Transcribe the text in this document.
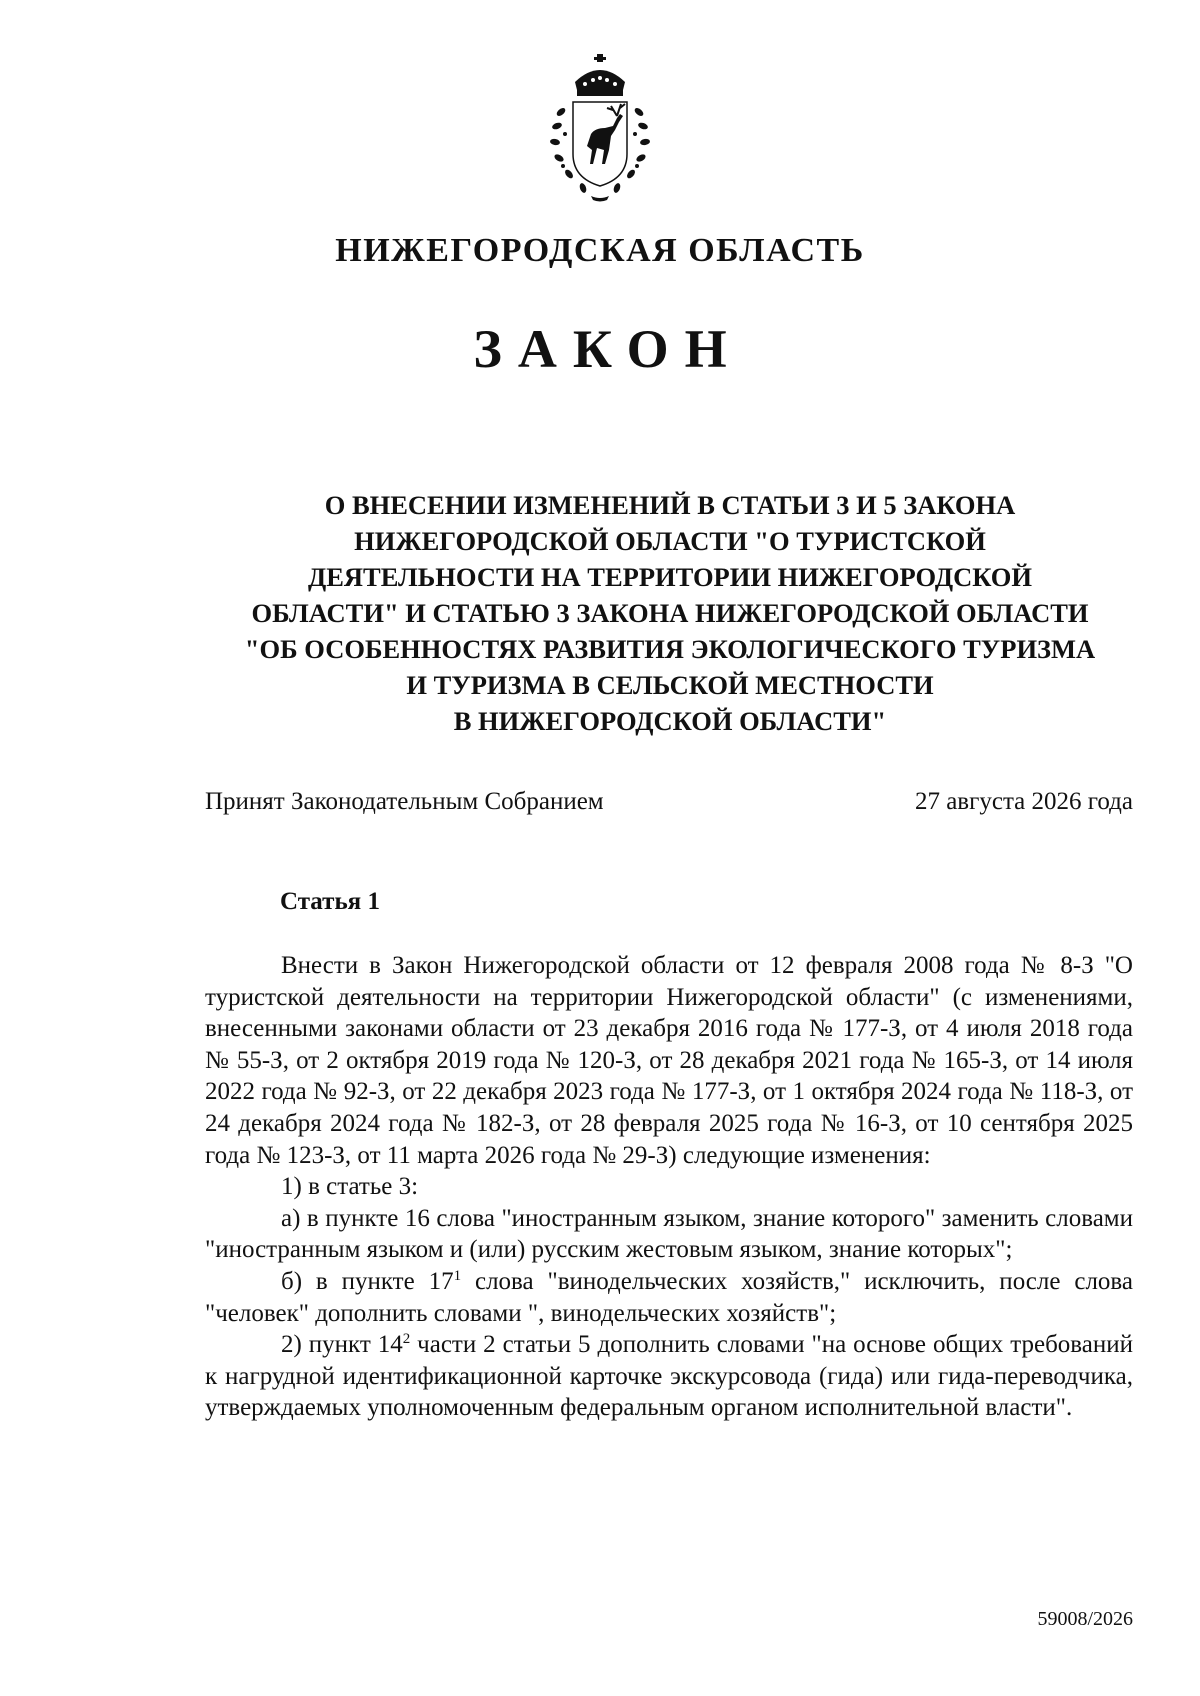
НИЖЕГОРОДСКАЯ ОБЛАСТЬ
ЗАКОН
О ВНЕСЕНИИ ИЗМЕНЕНИЙ В СТАТЬИ 3 И 5 ЗАКОНА
НИЖЕГОРОДСКОЙ ОБЛАСТИ "О ТУРИСТСКОЙ
ДЕЯТЕЛЬНОСТИ НА ТЕРРИТОРИИ НИЖЕГОРОДСКОЙ
ОБЛАСТИ" И СТАТЬЮ 3 ЗАКОНА НИЖЕГОРОДСКОЙ ОБЛАСТИ
"ОБ ОСОБЕННОСТЯХ РАЗВИТИЯ ЭКОЛОГИЧЕСКОГО ТУРИЗМА
И ТУРИЗМА В СЕЛЬСКОЙ МЕСТНОСТИ
В НИЖЕГОРОДСКОЙ ОБЛАСТИ"
Принят Законодательным Собранием	27 августа 2026 года
Статья 1

Внести в Закон Нижегородской области от 12 февраля 2008 года № 8-З "О туристской деятельности на территории Нижегородской области" (с изменениями, внесенными законами области от 23 декабря 2016 года № 177-З, от 4 июля 2018 года № 55-З, от 2 октября 2019 года № 120-З, от 28 декабря 2021 года № 165-З, от 14 июля 2022 года № 92-З, от 22 декабря 2023 года № 177-З, от 1 октября 2024 года № 118-З, от 24 декабря 2024 года № 182-З, от 28 февраля 2025 года № 16-З, от 10 сентября 2025 года № 123-З, от 11 марта 2026 года № 29-З) следующие изменения:

1) в статье 3:

а) в пункте 16 слова "иностранным языком, знание которого" заменить словами "иностранным языком и (или) русским жестовым языком, знание которых";

б) в пункте $17^1$ слова "винодельческих хозяйств," исключить, после слова "человек" дополнить словами ", винодельческих хозяйств";

2) пункт $14^2$ части 2 статьи 5 дополнить словами "на основе общих требований к нагрудной идентификационной карточке экскурсовода (гида) или гида-переводчика, утверждаемых уполномоченным федеральным органом исполнительной власти".

59008/2026
